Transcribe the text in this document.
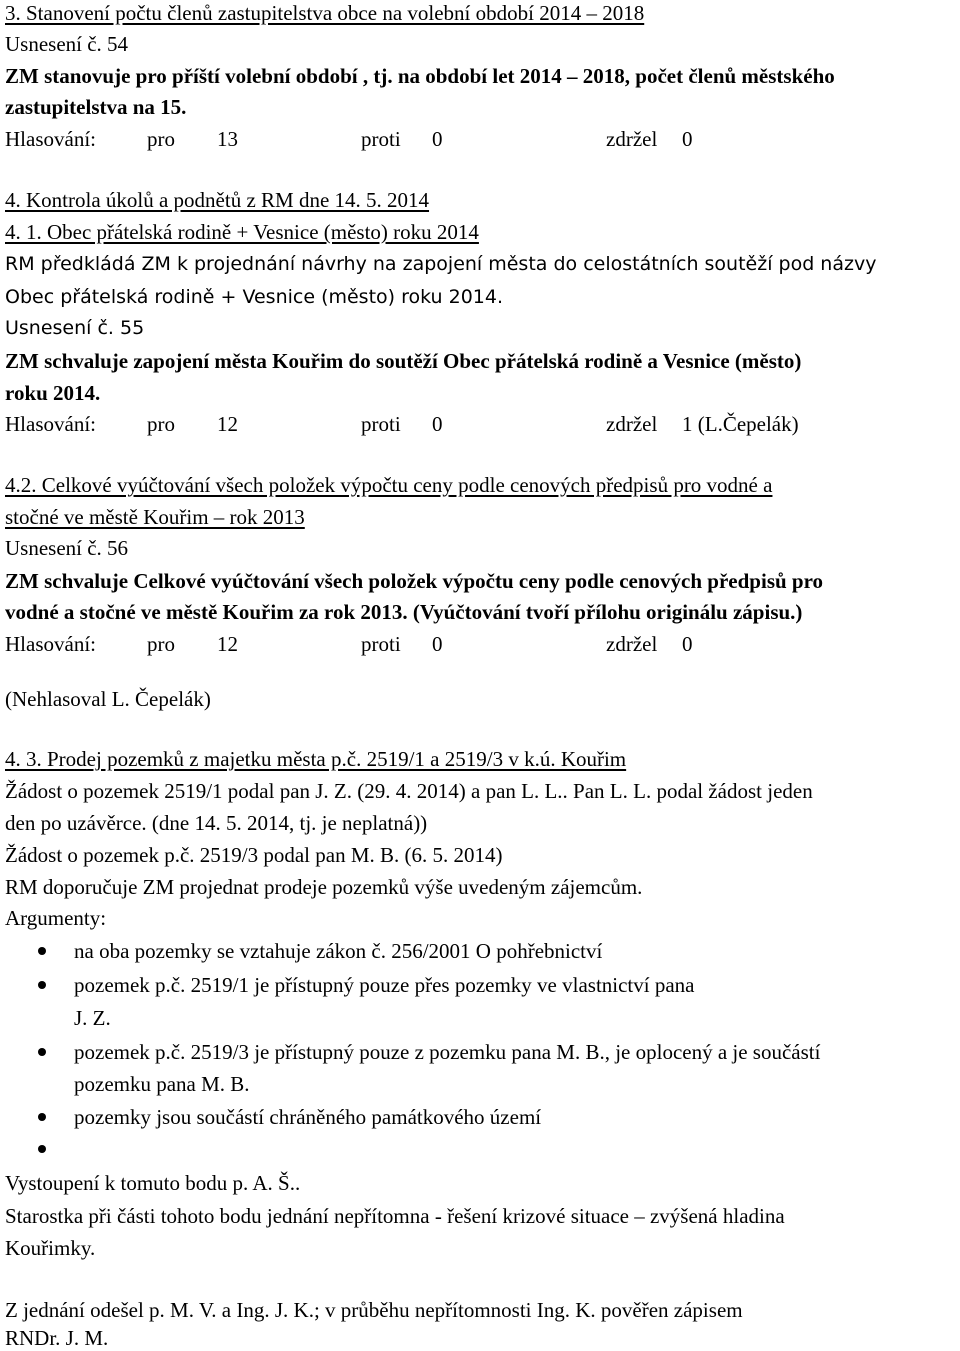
3. Stanovení počtu členů zastupitelstva obce na volební období 2014 – 2018
Usnesení č. 54
ZM stanovuje pro příští volební období , tj. na období let 2014 – 2018, počet členů městského
zastupitelstva na 15.
Hlasování: pro 13	proti 0	zdržel 0
4. Kontrola úkolů a podnětů z RM dne 14. 5. 2014
4. 1. Obec přátelská rodině + Vesnice (město) roku 2014
RM předkládá ZM k projednání návrhy na zapojení města do celostátních soutěží pod názvy
Obec přátelská rodině + Vesnice (město) roku 2014.
Usnesení č. 55
ZM schvaluje zapojení města Kouřim do soutěží Obec přátelská rodině a Vesnice (město)
roku 2014.
Hlasování: pro 12	proti 0	zdržel 1 (L.Čepelák)
4.2. Celkové vyúčtování všech položek výpočtu ceny podle cenových předpisů pro vodné a
stočné ve městě Kouřim – rok 2013
Usnesení č. 56
ZM schvaluje Celkové vyúčtování všech položek výpočtu ceny podle cenových předpisů pro
vodné a stočné ve městě Kouřim za rok 2013. (Vyúčtování tvoří přílohu originálu zápisu.)
Hlasování: pro 12	proti 0	zdržel 0
(Nehlasoval L. Čepelák)
4. 3. Prodej pozemků z majetku města p.č. 2519/1 a 2519/3 v k.ú. Kouřim
Žádost o pozemek 2519/1 podal pan J. Z. (29. 4. 2014) a pan L. L.. Pan L. L. podal žádost jeden
den po uzávěrce. (dne 14. 5. 2014, tj. je neplatná))
Žádost o pozemek p.č. 2519/3 podal pan M. B. (6. 5. 2014)
RM doporučuje ZM projednat prodeje pozemků výše uvedeným zájemcům.
Argumenty:
na oba pozemky se vztahuje zákon č. 256/2001 O pohřebnictví
pozemek p.č. 2519/1 je přístupný pouze přes pozemky ve vlastnictví pana
J. Z.
pozemek p.č. 2519/3 je přístupný pouze z pozemku pana M. B., je oplocený a je součástí
pozemku pana M. B.
pozemky jsou součástí chráněného památkového území
Vystoupení k tomuto bodu p. A. Š..
Starostka při části tohoto bodu jednání nepřítomna - řešení krizové situace – zvýšená hladina
Kouřimky.
Z jednání odešel p. M. V. a Ing. J. K.; v průběhu nepřítomnosti Ing. K. pověřen zápisem
RNDr. J. M.
